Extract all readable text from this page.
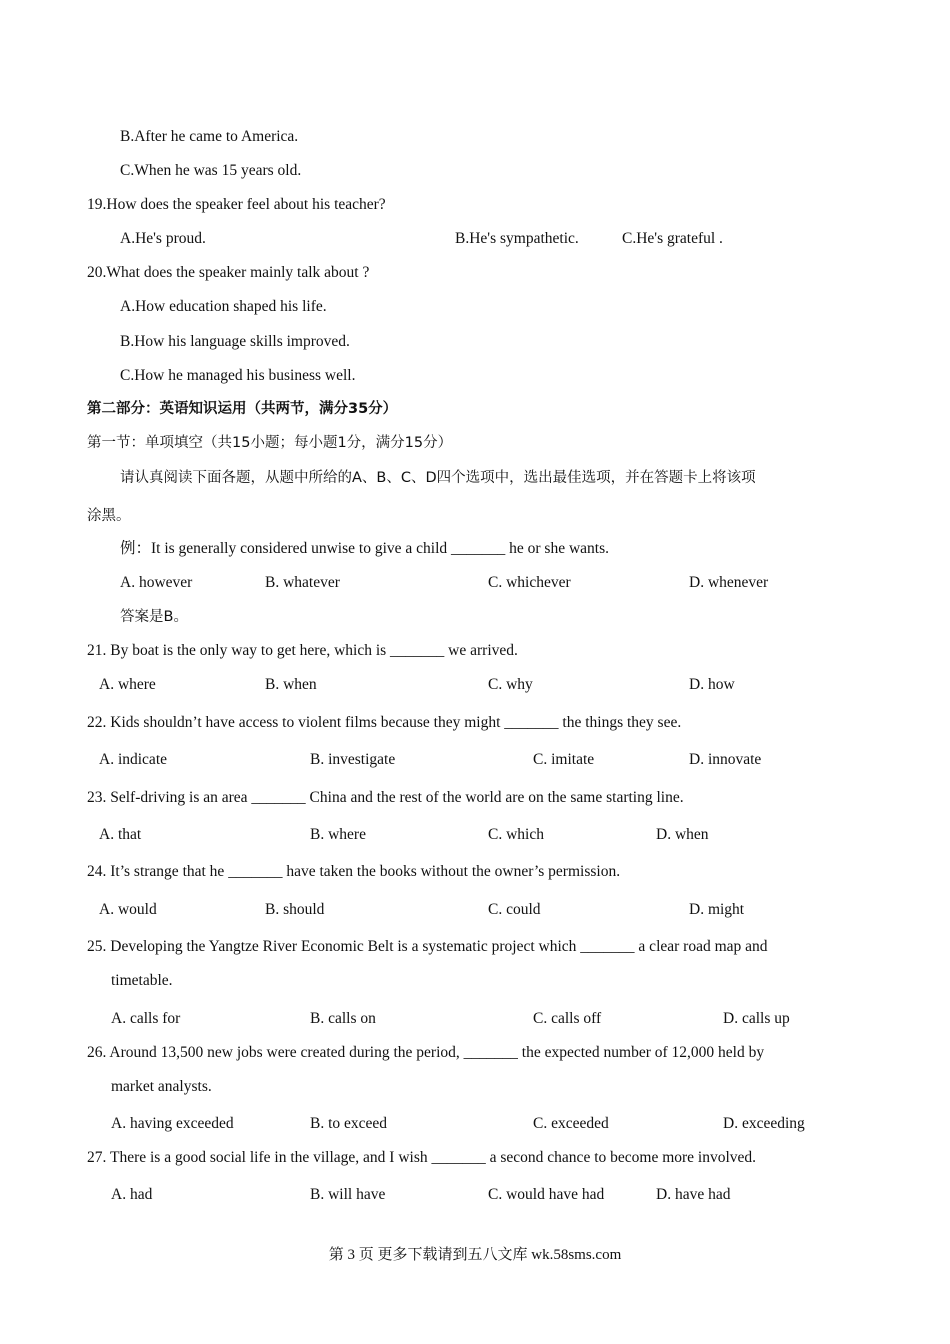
B.After he came to America.
C.When he was 15 years old.
19.How does the speaker feel about his teacher?
A.He's proud.	B.He's sympathetic.	C.He's grateful .
20.What does the speaker mainly talk about ?
A.How education shaped his life.
B.How his language skills improved.
C.How he managed his business well.
第二部分：英语知识运用（共两节，满分35分）
第一节：单项填空（共15小题；每小题1分，满分15分）
请认真阅读下面各题，从题中所给的A、B、C、D四个选项中，选出最佳选项，并在答题卡上将该项
涂黑。
例：It is generally considered unwise to give a child _______ he or she wants.
A. however	B. whatever	C. whichever	D. whenever
答案是B。
21. By boat is the only way to get here, which is _______ we arrived.
A. where	B. when	C. why	D. how
22. Kids shouldn’t have access to violent films because they might _______ the things they see.
A. indicate	B. investigate	C. imitate	D. innovate
23. Self-driving is an area _______ China and the rest of the world are on the same starting line.
A. that	B. where	C. which	D. when
24. It’s strange that he _______ have taken the books without the owner’s permission.
A. would	B. should	C. could	D. might
25. Developing the Yangtze River Economic Belt is a systematic project which _______ a clear road map and
timetable.
A. calls for	B. calls on	C. calls off	D. calls up
26. Around 13,500 new jobs were created during the period, _______ the expected number of 12,000 held by
market analysts.
A. having exceeded	B. to exceed	C. exceeded	D. exceeding
27. There is a good social life in the village, and I wish _______ a second chance to become more involved.
A. had	B. will have	C. would have had	D. have had
第 3 页 更多下载请到五八文库 wk.58sms.com
